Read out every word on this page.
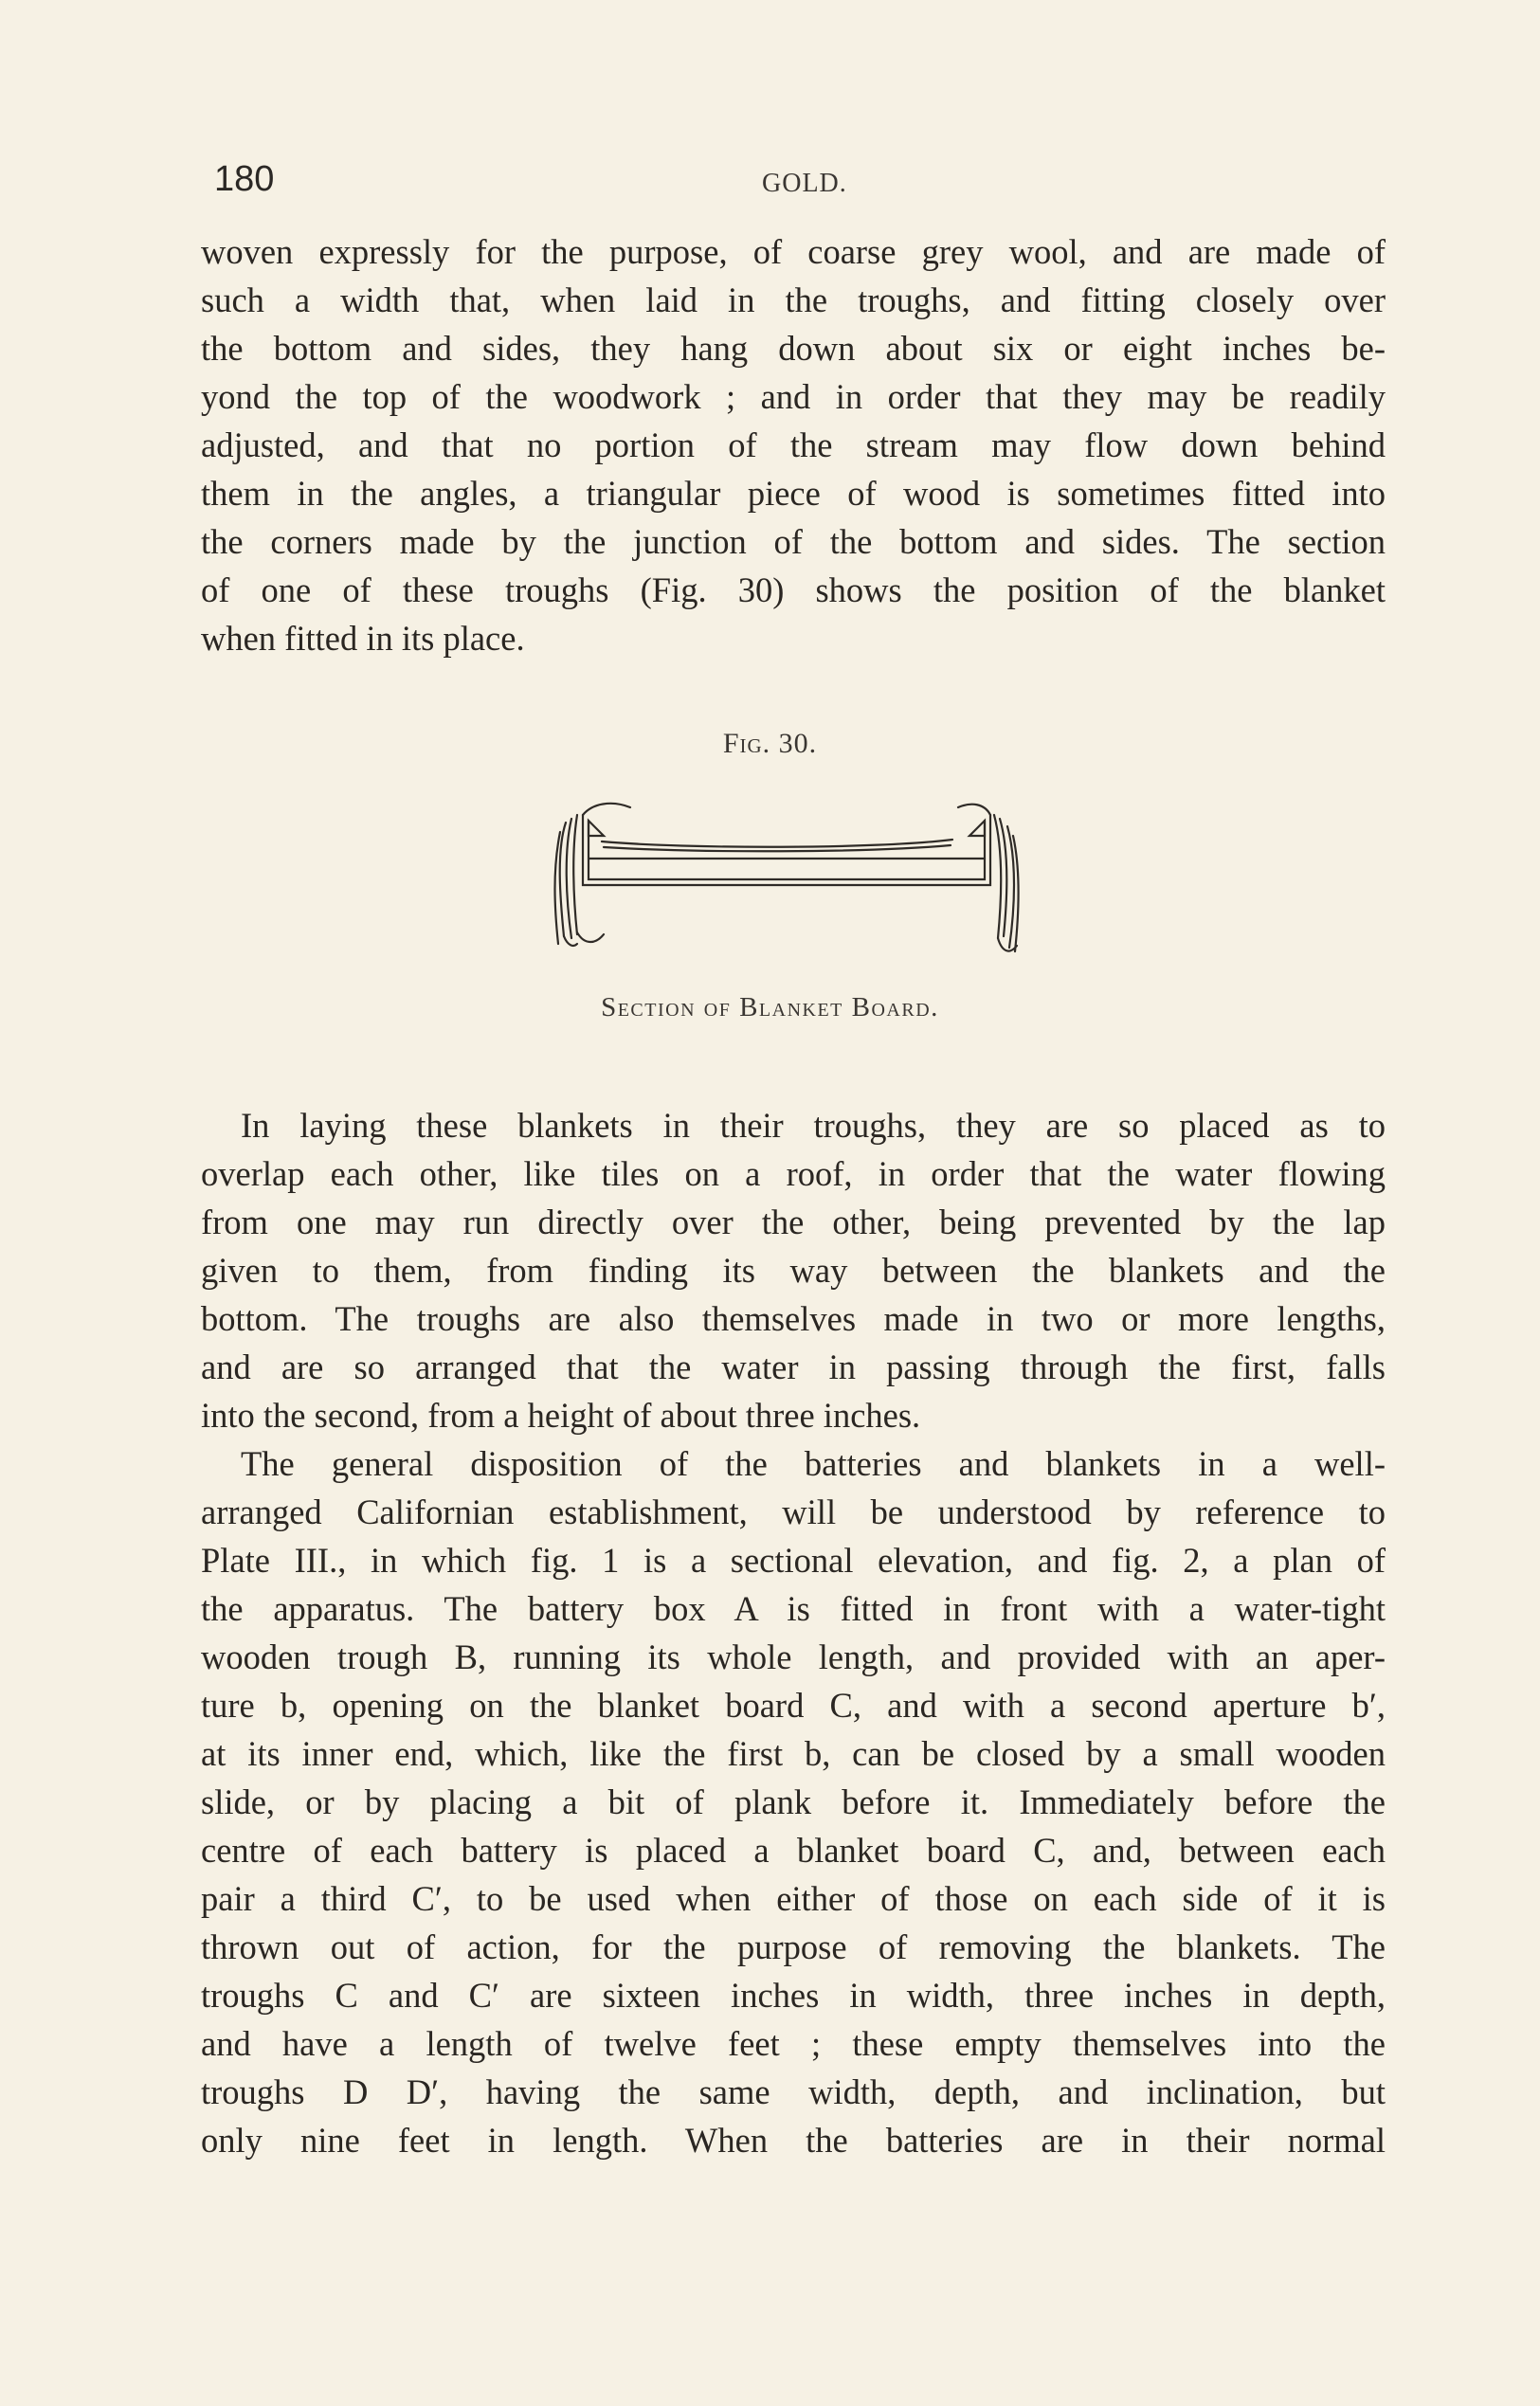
180	GOLD.
woven expressly for the purpose, of coarse grey wool, and are made of
such a width that, when laid in the troughs, and fitting closely over
the bottom and sides, they hang down about six or eight inches be-
yond the top of the woodwork ; and in order that they may be readily
adjusted, and that no portion of the stream may flow down behind
them in the angles, a triangular piece of wood is sometimes fitted into
the corners made by the junction of the bottom and sides. The section
of one of these troughs (Fig. 30) shows the position of the blanket
when fitted in its place.
Fig. 30.
Section of Blanket Board.
In laying these blankets in their troughs, they are so placed as to
overlap each other, like tiles on a roof, in order that the water flowing
from one may run directly over the other, being prevented by the lap
given to them, from finding its way between the blankets and the
bottom. The troughs are also themselves made in two or more lengths,
and are so arranged that the water in passing through the first, falls
into the second, from a height of about three inches.
The general disposition of the batteries and blankets in a well-
arranged Californian establishment, will be understood by reference to
Plate III., in which fig. 1 is a sectional elevation, and fig. 2, a plan of
the apparatus. The battery box A is fitted in front with a water-tight
wooden trough B, running its whole length, and provided with an aper-
ture b, opening on the blanket board C, and with a second aperture b′,
at its inner end, which, like the first b, can be closed by a small wooden
slide, or by placing a bit of plank before it. Immediately before the
centre of each battery is placed a blanket board C, and, between each
pair a third C′, to be used when either of those on each side of it is
thrown out of action, for the purpose of removing the blankets. The
troughs C and C′ are sixteen inches in width, three inches in depth,
and have a length of twelve feet ; these empty themselves into the
troughs D D′, having the same width, depth, and inclination, but
only nine feet in length. When the batteries are in their normal
